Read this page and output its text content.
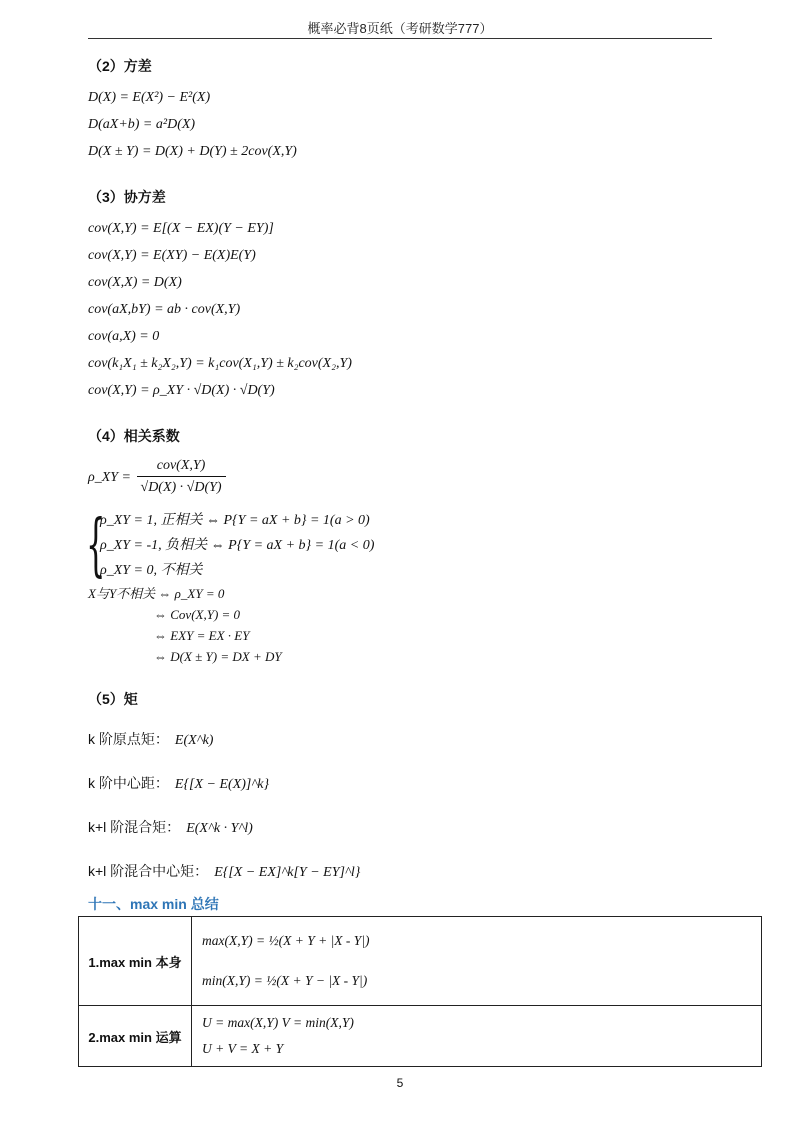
概率必背8页纸（考研数学777）
（2）方差
D(X) = E(X²) − E²(X)
D(aX+b) = a²D(X)
D(X ± Y) = D(X) + D(Y) ± 2cov(X,Y)
（3）协方差
cov(X,Y) = E[(X − EX)(Y − EY)]
cov(X,Y) = E(XY) − E(X)E(Y)
cov(X,X) = D(X)
cov(aX,bY) = ab · cov(X,Y)
cov(a,X) = 0
cov(k₁X₁ ± k₂X₂,Y) = k₁cov(X₁,Y) ± k₂cov(X₂,Y)
cov(X,Y) = ρ_XY · √D(X) · √D(Y)
（4）相关系数
ρ_XY = $\frac{\text{cov(X,Y)}}{√D(X) \cdot √D(Y)}$
{ ρ_XY = 1, 正相关 ⇔ P{Y = aX + b} = 1(a > 0)
ρ_XY = -1, 负相关 ⇔ P{Y = aX + b} = 1(a < 0)
ρ_XY = 0, 不相关
X与Y不相关 ⇔ ρ_XY = 0
⇔ Cov(X,Y) = 0
⇔ EXY = EX · EY
⇔ D(X ± Y) = DX + DY
（5）矩
k 阶原点矩： E(X^k)
k 阶中心距： E{[X − E(X)]^k}
k+l 阶混合矩： E(X^k · Y^l)
k+l 阶混合中心矩： E{[X − EX]^k[Y − EY]^l}
十一、max min 总结
1.max min 本身	max(X,Y) = ½(X + Y + |X - Y|)
min(X,Y) = ½(X + Y − |X - Y|)

2.max min 运算	U = max(X,Y) V = min(X,Y)
U + V = X + Y
5
